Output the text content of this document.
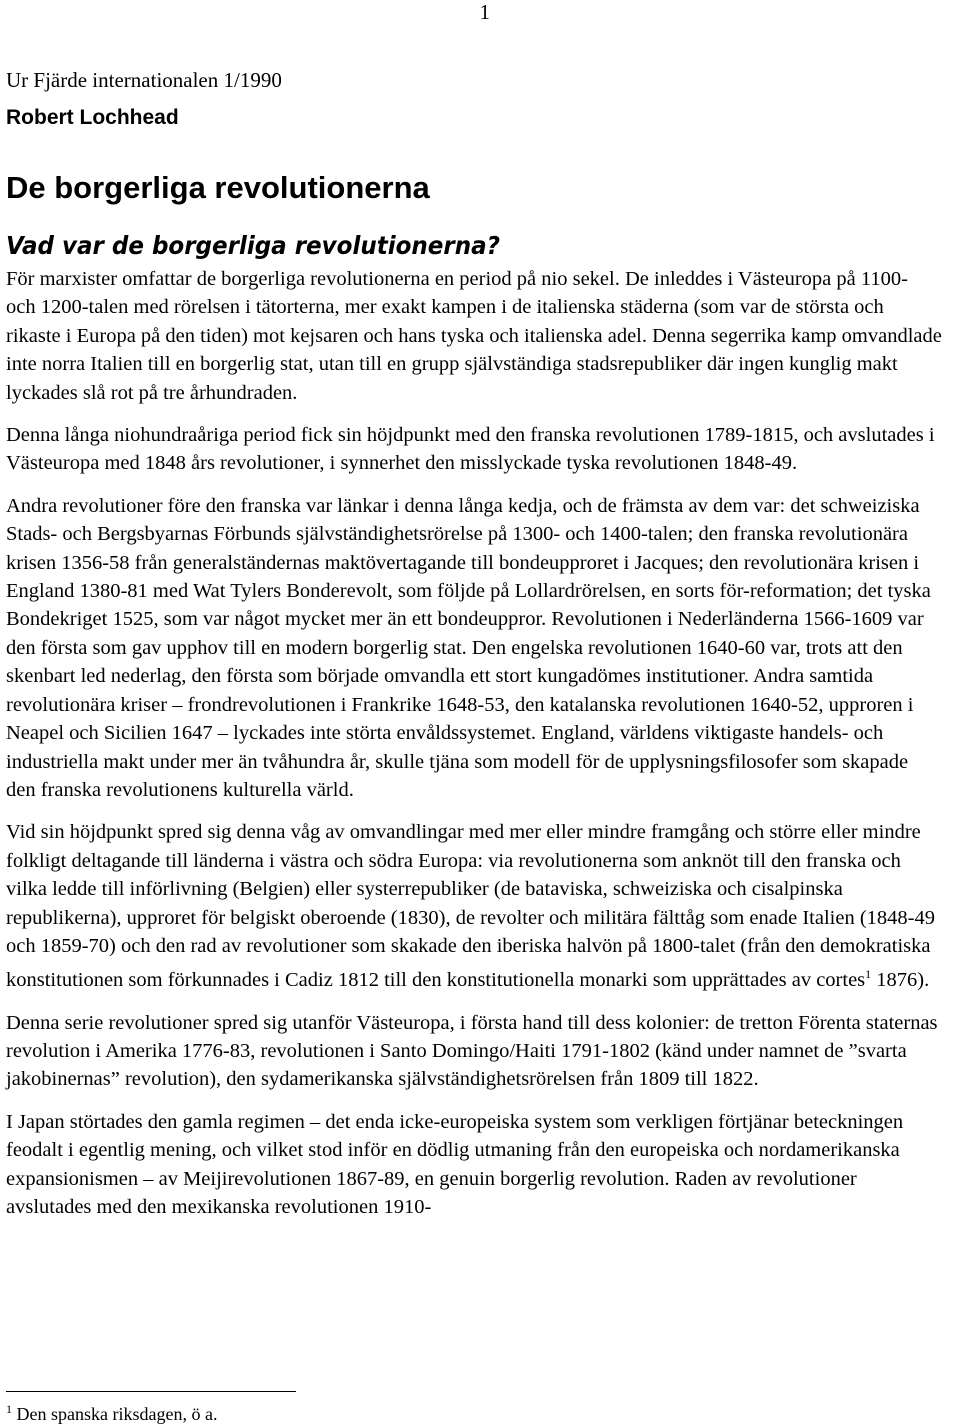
1
Ur Fjärde internationalen 1/1990
Robert Lochhead
De borgerliga revolutionerna
Vad var de borgerliga revolutionerna?

För marxister omfattar de borgerliga revolutionerna en period på nio sekel. De inleddes i Västeuropa på 1100- och 1200-talen med rörelsen i tätorterna, mer exakt kampen i de italienska städerna (som var de största och rikaste i Europa på den tiden) mot kejsaren och hans tyska och italienska adel. Denna segerrika kamp omvandlade inte norra Italien till en borgerlig stat, utan till en grupp självständiga stadsrepubliker där ingen kunglig makt lyckades slå rot på tre århundraden.

Denna långa niohundraåriga period fick sin höjdpunkt med den franska revolutionen 1789-1815, och avslutades i Västeuropa med 1848 års revolutioner, i synnerhet den misslyckade tyska revolutionen 1848-49.

Andra revolutioner före den franska var länkar i denna långa kedja, och de främsta av dem var: det schweiziska Stads- och Bergsbyarnas Förbunds självständighetsrörelse på 1300- och 1400-talen; den franska revolutionära krisen 1356-58 från generalständernas maktövertagande till bondeupproret i Jacques; den revolutionära krisen i England 1380-81 med Wat Tylers Bonderevolt, som följde på Lollardrörelsen, en sorts för-reformation; det tyska Bondekriget 1525, som var något mycket mer än ett bondeuppror. Revolutionen i Nederländerna 1566-1609 var den första som gav upphov till en modern borgerlig stat. Den engelska revolutionen 1640-60 var, trots att den skenbart led nederlag, den första som började omvandla ett stort kungadömes institutioner. Andra samtida revolutionära kriser – frondrevolutionen i Frankrike 1648-53, den katalanska revolutionen 1640-52, upproren i Neapel och Sicilien 1647 – lyckades inte störta envåldssystemet. England, världens viktigaste handels- och industriella makt under mer än tvåhundra år, skulle tjäna som modell för de upplysningsfilosofer som skapade den franska revolutionens kulturella värld.

Vid sin höjdpunkt spred sig denna våg av omvandlingar med mer eller mindre framgång och större eller mindre folkligt deltagande till länderna i västra och södra Europa: via revolutionerna som anknöt till den franska och vilka ledde till införlivning (Belgien) eller systerrepubliker (de bataviska, schweiziska och cisalpinska republikerna), upproret för belgiskt oberoende (1830), de revolter och militära fälttåg som enade Italien (1848-49 och 1859-70) och den rad av revolutioner som skakade den iberiska halvön på 1800-talet (från den demokratiska konstitutionen som förkunnades i Cadiz 1812 till den konstitutionella monarki som upprättades av cortes$^1$ 1876).

Denna serie revolutioner spred sig utanför Västeuropa, i första hand till dess kolonier: de tretton Förenta staternas revolution i Amerika 1776-83, revolutionen i Santo Domingo/Haiti 1791-1802 (känd under namnet de ”svarta jakobinernas” revolution), den sydamerikanska självständighetsrörelsen från 1809 till 1822.

I Japan störtades den gamla regimen – det enda icke-europeiska system som verkligen förtjänar beteckningen feodalt i egentlig mening, och vilket stod inför en dödlig utmaning från den europeiska och nordamerikanska expansionismen – av Meijirevolutionen 1867-89, en genuin borgerlig revolution. Raden av revolutioner avslutades med den mexikanska revolutionen 1910-

$^1$ Den spanska riksdagen, ö a.
